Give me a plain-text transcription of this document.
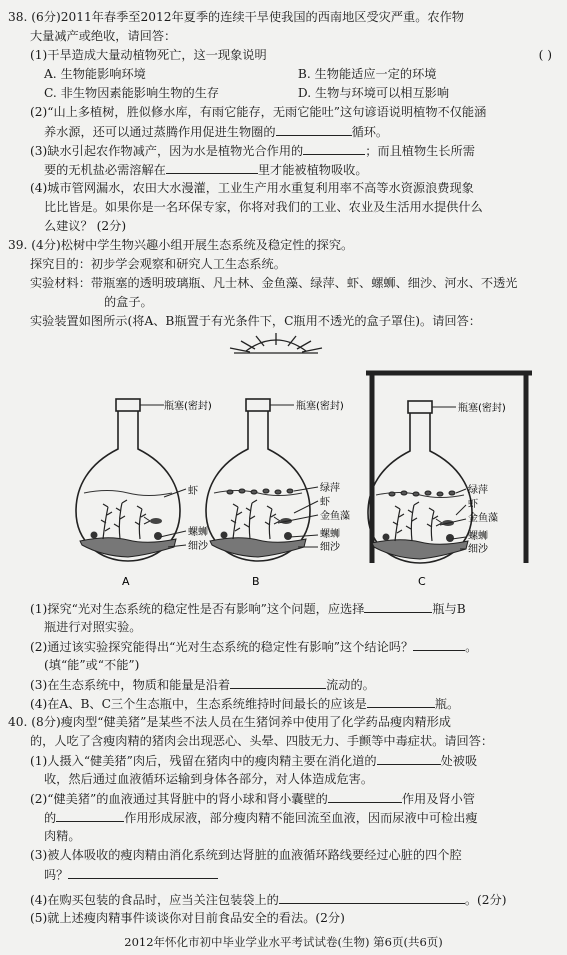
38. (6分)2011年春季至2012年夏季的连续干旱使我国的西南地区受灾严重。农作物
大量减产或绝收，请回答：
(1)干旱造成大量动植物死亡，这一现象说明	( )
A. 生物能影响环境	B. 生物能适应一定的环境
C. 非生物因素能影响生物的生存	D. 生物与环境可以相互影响
(2)“山上多植树，胜似修水库，有雨它能存，无雨它能吐”这句谚语说明植物不仅能涵
养水源，还可以通过蒸腾作用促进生物圈的	循环。
(3)缺水引起农作物减产，因为水是植物光合作用的	；而且植物生长所需
要的无机盐必需溶解在	里才能被植物吸收。
(4)城市管网漏水，农田大水漫灌，工业生产用水重复利用率不高等水资源浪费现象
比比皆是。如果你是一名环保专家，你将对我们的工业、农业及生活用水提供什么
么建议？ (2分)
39. (4分)松树中学生物兴趣小组开展生态系统及稳定性的探究。
探究目的：初步学会观察和研究人工生态系统。
实验材料：带瓶塞的透明玻璃瓶、凡士林、金鱼藻、绿萍、虾、螺蛳、细沙、河水、不透光
的盒子。
实验装置如图所示(将A、B瓶置于有光条件下，C瓶用不透光的盒子罩住)。请回答：
瓶塞(密封)
虾
螺蛳
细沙
A
瓶塞(密封)
绿萍
虾
金鱼藻
螺蛳
细沙
B
瓶塞(密封)
绿萍
虾
金鱼藻
螺蛳
细沙
C
(1)探究“光对生态系统的稳定性是否有影响”这个问题，应选择	瓶与B
瓶进行对照实验。
(2)通过该实验探究能得出“光对生态系统的稳定性有影响”这个结论吗？	。
(填“能”或“不能”)
(3)在生态系统中，物质和能量是沿着	流动的。
(4)在A、B、C三个生态瓶中，生态系统维持时间最长的应该是	瓶。
40. (8分)瘦肉型“健美猪”是某些不法人员在生猪饲养中使用了化学药品瘦肉精形成
的，人吃了含瘦肉精的猪肉会出现恶心、头晕、四肢无力、手颤等中毒症状。请回答：
(1)人摄入“健美猪”肉后，残留在猪肉中的瘦肉精主要在消化道的	处被吸
收，然后通过血液循环运输到身体各部分，对人体造成危害。
(2)“健美猪”的血液通过其肾脏中的肾小球和肾小囊壁的	作用及肾小管
的	作用形成尿液，部分瘦肉精不能回流至血液，因而尿液中可检出瘦
肉精。
(3)被人体吸收的瘦肉精由消化系统到达肾脏的血液循环路线要经过心脏的四个腔
吗？
(4)在购买包装的食品时，应当关注包装袋上的	。(2分)
(5)就上述瘦肉精事件谈谈你对目前食品安全的看法。(2分)
2012年怀化市初中毕业学业水平考试试卷(生物) 第6页(共6页)
